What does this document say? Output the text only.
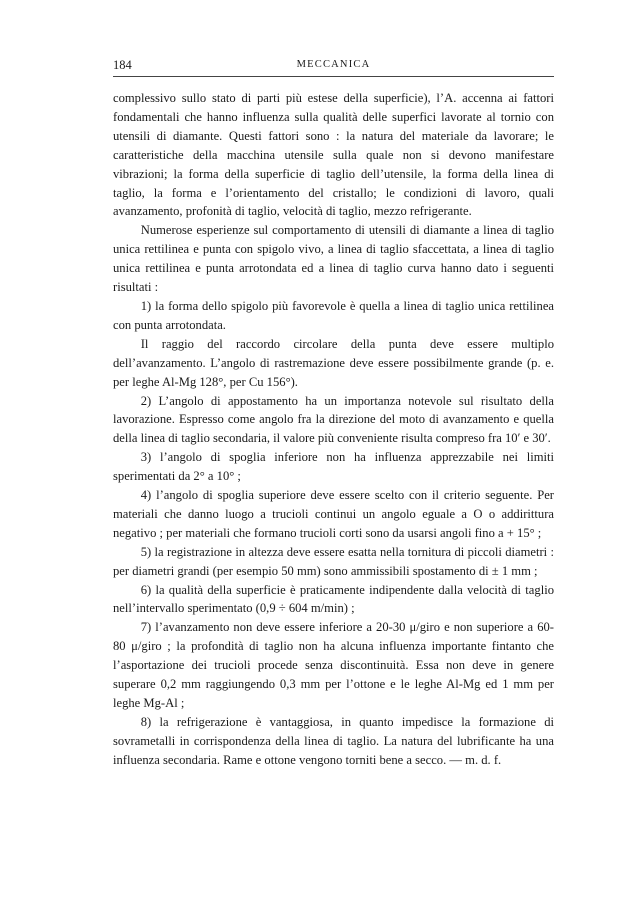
184	MECCANICA

complessivo sullo stato di parti più estese della superficie), l’A. accenna ai fattori fondamentali che hanno influenza sulla qualità delle superfici lavorate al tornio con utensili di diamante. Questi fattori sono : la natura del materiale da lavorare; le caratteristiche della macchina utensile sulla quale non si devono manifestare vibrazioni; la forma della superficie di taglio dell’utensile, la forma della linea di taglio, la forma e l’orientamento del cristallo; le condizioni di lavoro, quali avanzamento, profonità di taglio, velocità di taglio, mezzo refrigerante.

Numerose esperienze sul comportamento di utensili di diamante a linea di taglio unica rettilinea e punta con spigolo vivo, a linea di taglio sfaccettata, a linea di taglio unica rettilinea e punta arrotondata ed a linea di taglio curva hanno dato i seguenti risultati :

1) la forma dello spigolo più favorevole è quella a linea di taglio unica rettilinea con punta arrotondata.

Il raggio del raccordo circolare della punta deve essere multiplo dell’avanzamento. L’angolo di rastremazione deve essere possibilmente grande (p. e. per leghe Al-Mg 128°, per Cu 156°).

2) L’angolo di appostamento ha un importanza notevole sul risultato della lavorazione. Espresso come angolo fra la direzione del moto di avanzamento e quella della linea di taglio secondaria, il valore più conveniente risulta compreso fra 10′ e 30′.

3) l’angolo di spoglia inferiore non ha influenza apprezzabile nei limiti sperimentati da 2° a 10° ;

4) l’angolo di spoglia superiore deve essere scelto con il criterio seguente. Per materiali che danno luogo a trucioli continui un angolo eguale a O o addirittura negativo ; per materiali che formano trucioli corti sono da usarsi angoli fino a + 15° ;

5) la registrazione in altezza deve essere esatta nella tornitura di piccoli diametri : per diametri grandi (per esempio 50 mm) sono ammissibili spostamento di ± 1 mm ;

6) la qualità della superficie è praticamente indipendente dalla velocità di taglio nell’intervallo sperimentato (0,9 ÷ 604 m/min) ;

7) l’avanzamento non deve essere inferiore a 20-30 μ/giro e non superiore a 60-80 μ/giro ; la profondità di taglio non ha alcuna influenza importante fintanto che l’asportazione dei trucioli procede senza discontinuità. Essa non deve in genere superare 0,2 mm raggiungendo 0,3 mm per l’ottone e le leghe Al-Mg ed 1 mm per leghe Mg-Al ;

8) la refrigerazione è vantaggiosa, in quanto impedisce la formazione di sovrametalli in corrispondenza della linea di taglio. La natura del lubrificante ha una influenza secondaria. Rame e ottone vengono torniti bene a secco. — m. d. f.
